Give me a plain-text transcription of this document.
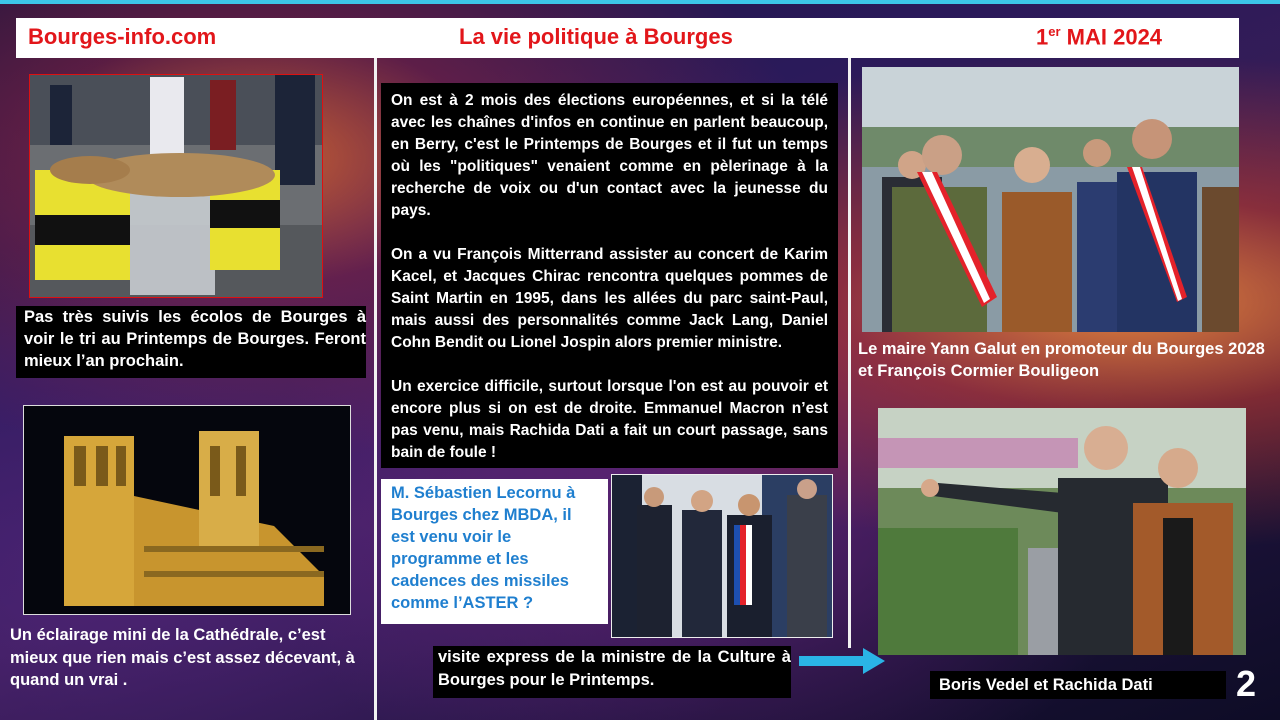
Bourges-info.com	La vie politique à Bourges	1er MAI 2024
Pas très suivis les écolos de Bourges à voir le tri au Printemps de Bourges. Feront mieux l’an prochain.
Un éclairage mini de la Cathédrale, c’est mieux que rien mais c’est assez décevant, à quand un vrai .

On est à 2 mois des élections européennes, et si la télé avec les chaînes d'infos en continue en parlent beaucoup, en Berry, c'est le Printemps de Bourges et il fut un temps où les "politiques" venaient comme en pèlerinage à la recherche de voix ou d'un contact avec la jeunesse du pays.

On a vu François Mitterrand assister au concert de Karim Kacel, et Jacques Chirac rencontra quelques pommes de Saint Martin en 1995, dans les allées du parc saint-Paul, mais aussi des personnalités comme Jack Lang, Daniel Cohn Bendit ou Lionel Jospin alors premier ministre.

Un exercice difficile, surtout lorsque l'on est au pouvoir et encore plus si on est de droite. Emmanuel Macron n’est pas venu, mais Rachida Dati a fait un court passage, sans bain de foule !

M. Sébastien Lecornu à Bourges chez MBDA, il est venu voir le programme et les cadences des missiles comme l’ASTER ?
Le maire Yann Galut en promoteur du Bourges 2028 et François Cormier Bouligeon
visite express de la ministre de la Culture à Bourges pour le Printemps.	Boris Vedel et Rachida Dati	2
